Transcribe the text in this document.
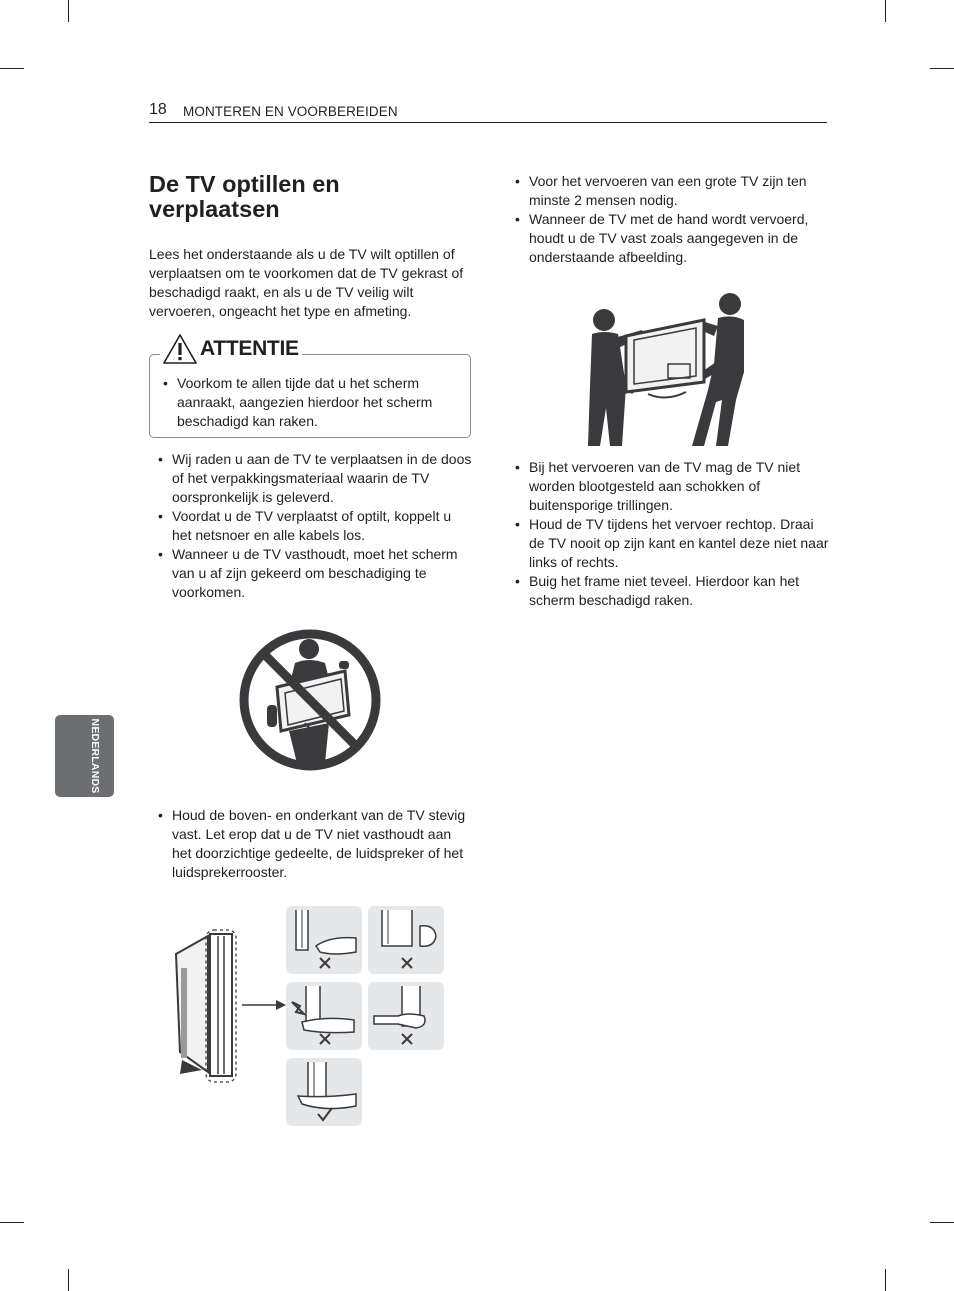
18 MONTEREN EN VOORBEREIDEN
NEDERLANDS
De TV optillen en verplaatsen

Lees het onderstaande als u de TV wilt optillen of verplaatsen om te voorkomen dat de TV gekrast of beschadigd raakt, en als u de TV veilig wilt vervoeren, ongeacht het type en afmeting.

ATTENTIE
• Voorkom te allen tijde dat u het scherm aanraakt, aangezien hierdoor het scherm beschadigd kan raken.
• Wij raden u aan de TV te verplaatsen in de doos of het verpakkingsmateriaal waarin de TV oorspronkelijk is geleverd.
• Voordat u de TV verplaatst of optilt, koppelt u het netsnoer en alle kabels los.
• Wanneer u de TV vasthoudt, moet het scherm van u af zijn gekeerd om beschadiging te voorkomen.
• Houd de boven- en onderkant van de TV stevig vast. Let erop dat u de TV niet vasthoudt aan het doorzichtige gedeelte, de luidspreker of het luidsprekerrooster.
• Voor het vervoeren van een grote TV zijn ten minste 2 mensen nodig.
• Wanneer de TV met de hand wordt vervoerd, houdt u de TV vast zoals aangegeven in de onderstaande afbeelding.
• Bij het vervoeren van de TV mag de TV niet worden blootgesteld aan schokken of buitensporige trillingen.
• Houd de TV tijdens het vervoer rechtop. Draai de TV nooit op zijn kant en kantel deze niet naar links of rechts.
• Buig het frame niet teveel. Hierdoor kan het scherm beschadigd raken.
